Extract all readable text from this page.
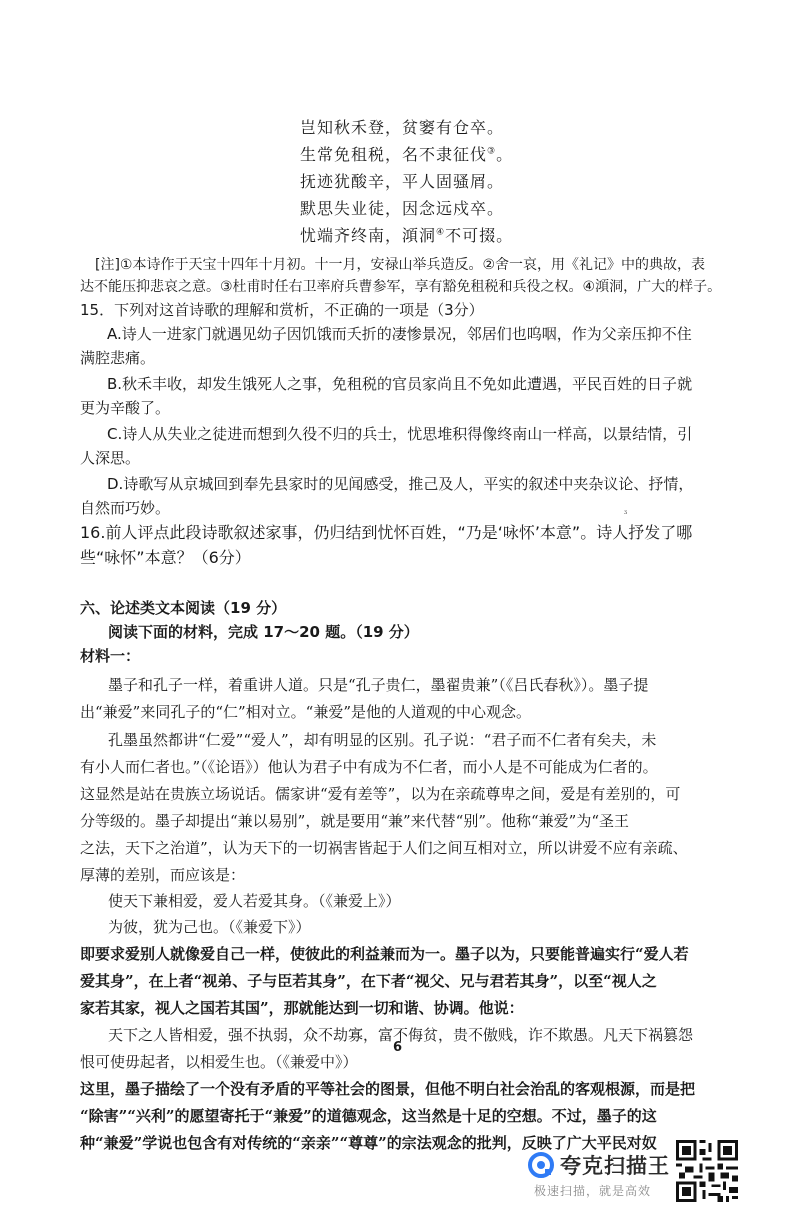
岂知秋禾登，贫窭有仓卒。
生常免租税，名不隶征伐③。
抚迹犹酸辛，平人固骚屑。
默思失业徒，因念远戍卒。
忧端齐终南，澒洞④不可掇。
[注]①本诗作于天宝十四年十月初。十一月，安禄山举兵造反。②舍一哀，用《礼记》中的典故，表
达不能压抑悲哀之意。③杜甫时任右卫率府兵曹参军，享有豁免租税和兵役之权。④澒洞，广大的样子。
15．下列对这首诗歌的理解和赏析，不正确的一项是（3分）
A.诗人一进家门就遇见幼子因饥饿而夭折的凄惨景况，邻居们也呜咽，作为父亲压抑不住
满腔悲痛。
B.秋禾丰收，却发生饿死人之事，免租税的官员家尚且不免如此遭遇，平民百姓的日子就
更为辛酸了。
C.诗人从失业之徒进而想到久役不归的兵士，忧思堆积得像终南山一样高，以景结情，引
人深思。
D.诗歌写从京城回到奉先县家时的见闻感受，推己及人，平实的叙述中夹杂议论、抒情，
自然而巧妙。
16.前人评点此段诗歌叙述家事，仍归结到忧怀百姓，“乃是‘咏怀’本意”。诗人抒发了哪
些“咏怀”本意？（6分）
ᶾ
六、论述类文本阅读（19 分）
阅读下面的材料，完成 17～20 题。（19 分）
材料一：
墨子和孔子一样，着重讲人道。只是“孔子贵仁，墨翟贵兼”（《吕氏春秋》）。墨子提
出“兼爱”来同孔子的“仁”相对立。“兼爱”是他的人道观的中心观念。
孔墨虽然都讲“仁爱”“爱人”，却有明显的区别。孔子说：“君子而不仁者有矣夫，未
有小人而仁者也。”（《论语》）他认为君子中有成为不仁者，而小人是不可能成为仁者的。
这显然是站在贵族立场说话。儒家讲“爱有差等”，以为在亲疏尊卑之间，爱是有差别的，可
分等级的。墨子却提出“兼以易别”，就是要用“兼”来代替“别”。他称“兼爱”为“圣王
之法，天下之治道”，认为天下的一切祸害皆起于人们之间互相对立，所以讲爱不应有亲疏、
厚薄的差别，而应该是：
使天下兼相爱，爱人若爱其身。（《兼爱上》）
为彼，犹为己也。（《兼爱下》）
即要求爱别人就像爱自己一样，使彼此的利益兼而为一。墨子以为，只要能普遍实行“爱人若
爱其身”，在上者“视弟、子与臣若其身”，在下者“视父、兄与君若其身”，以至“视人之
家若其家，视人之国若其国”，那就能达到一切和谐、协调。他说：
天下之人皆相爱，强不执弱，众不劫寡，富不侮贫，贵不傲贱，诈不欺愚。凡天下祸篡怨
恨可使毋起者，以相爱生也。（《兼爱中》）
这里，墨子描绘了一个没有矛盾的平等社会的图景，但他不明白社会治乱的客观根源，而是把
“除害”“兴利”的愿望寄托于“兼爱”的道德观念，这当然是十足的空想。不过，墨子的这
种“兼爱”学说也包含有对传统的“亲亲”“尊尊”的宗法观念的批判，反映了广大平民对奴
6
夸克扫描王
极速扫描，就是高效
